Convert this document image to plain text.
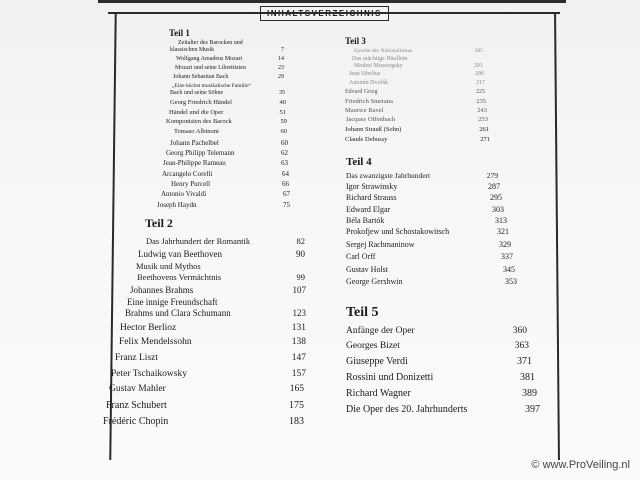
Teil 1
Zeitalter des Barocken und
klassischen Musik	7
Wolfgang Amadeus Mozart	14
Mozart und seine Librettisten	23
Johann Sebastian Bach	29
„Eine höchst musikalische Familie“
Bach und seine Söhne	35
Georg Friedrich Händel	40
Händel und die Oper	51
Komponisten des Barock	59
Tomaso Albinoni	60
Johann Pachelbel	60
Georg Philipp Telemann	62
Jean-Philippe Rameau	63
Arcangelo Corelli	64
Henry Purcell	66
Antonio Vivaldi	67
Joseph Haydn	75
Teil 2
Das Jahrhundert der Romantik	82
Ludwig van Beethoven	90
Musik und Mythos
Beethovens Vermächtnis	99
Johannes Brahms	107
Eine innige Freundschaft
Brahms und Clara Schumann	123
Hector Berlioz	131
Felix Mendelssohn	138
Franz Liszt	147
Peter Tschaikowsky	157
Gustav Mahler	165
Franz Schubert	175
Frédéric Chopin	183
Teil 3
Epoche des Nationalismus	205
Das mächtige Häuflein
Modest Mussorgsky	201
Jean Sibelius	206
Antonín Dvořák	217
Edvard Grieg	225
Friedrich Smetana	235
Maurice Ravel	243
Jacques Offenbach	253
Johann Strauß (Sohn)	261
Claude Debussy	271
Teil 4
Das zwanzigste Jahrhundert	279
Igor Strawinsky	287
Richard Strauss	295
Edward Elgar	303
Béla Bartók	313
Prokofjew und Schostakowitsch	321
Sergej Rachmaninow	329
Carl Orff	337
Gustav Holst	345
George Gershwin	353
Teil 5
Anfänge der Oper	360
Georges Bizet	363
Giuseppe Verdi	371
Rossini und Donizetti	381
Richard Wagner	389
Die Oper des 20. Jahrhunderts	397
© www.ProVeiling.nl
